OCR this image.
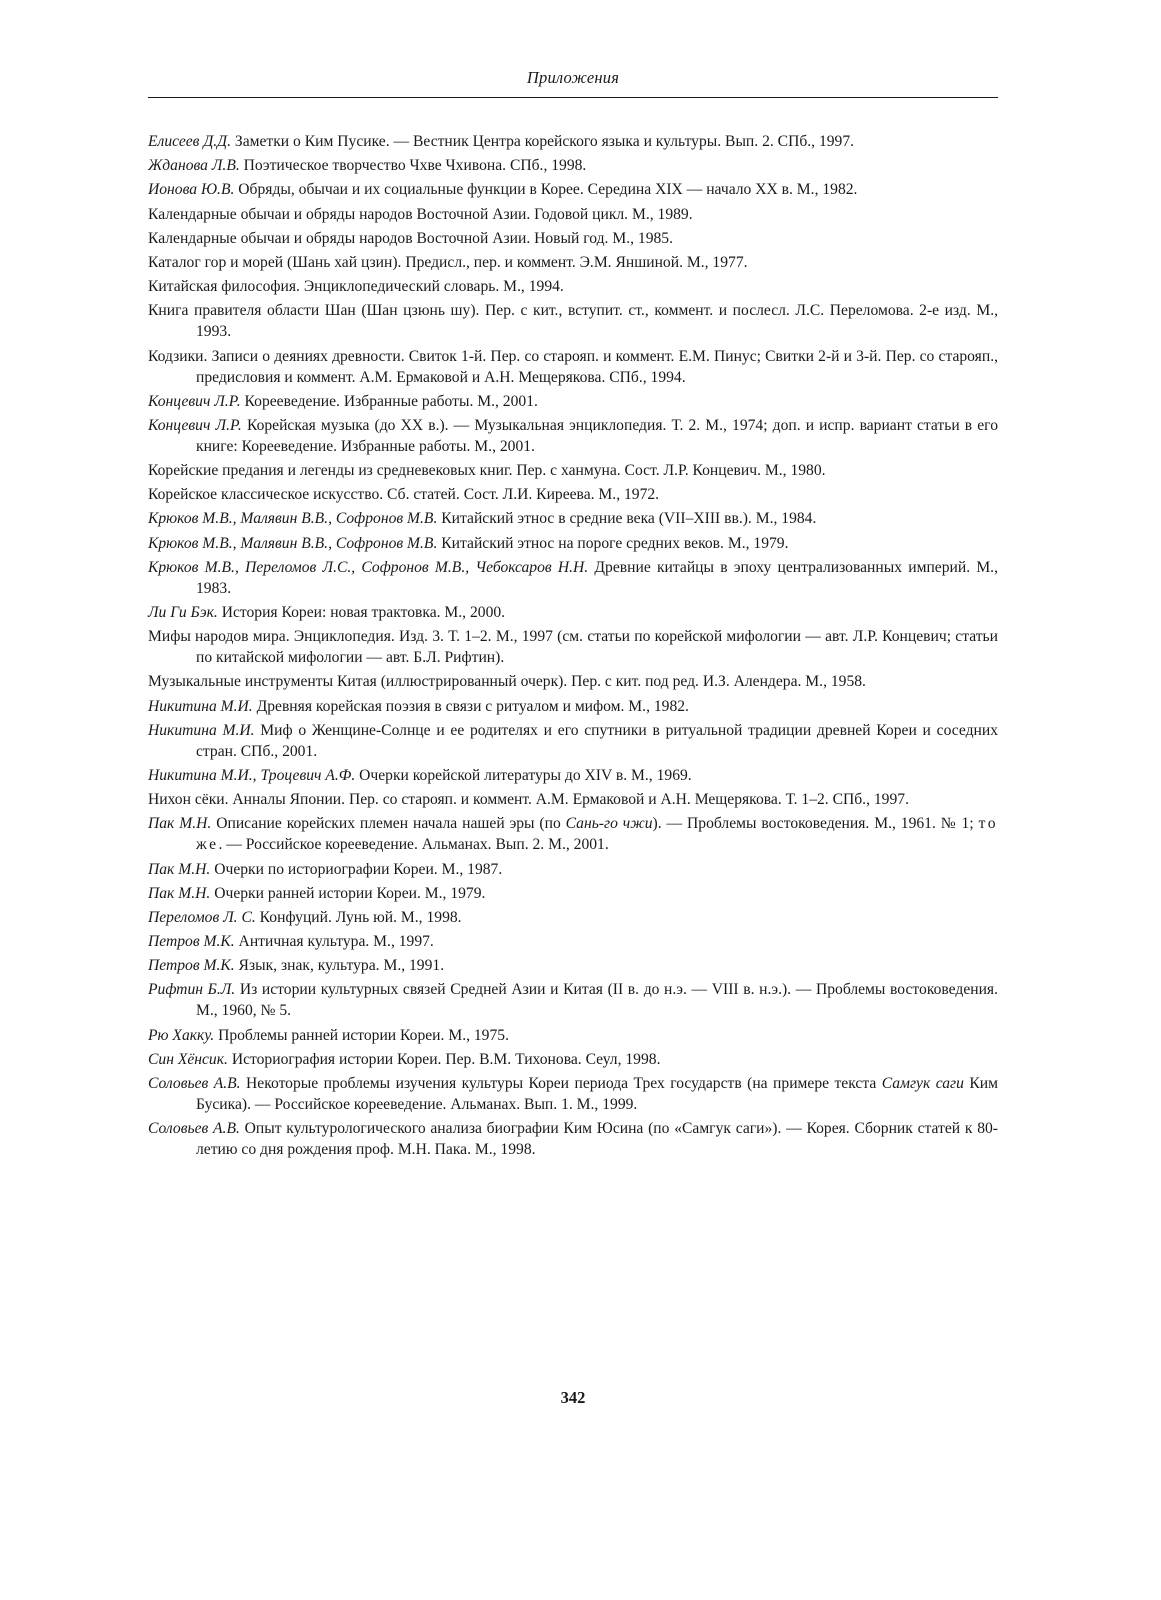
Приложения
Елисеев Д.Д. Заметки о Ким Пусике. — Вестник Центра корейского языка и культуры. Вып. 2. СПб., 1997.
Жданова Л.В. Поэтическое творчество Чхве Чхивона. СПб., 1998.
Ионова Ю.В. Обряды, обычаи и их социальные функции в Корее. Середина XIX — начало XX в. М., 1982.
Календарные обычаи и обряды народов Восточной Азии. Годовой цикл. М., 1989.
Календарные обычаи и обряды народов Восточной Азии. Новый год. М., 1985.
Каталог гор и морей (Шань хай цзин). Предисл., пер. и коммент. Э.М. Яншиной. М., 1977.
Китайская философия. Энциклопедический словарь. М., 1994.
Книга правителя области Шан (Шан цзюнь шу). Пер. с кит., вступит. ст., коммент. и послесл. Л.С. Переломова. 2-е изд. М., 1993.
Кодзики. Записи о деяниях древности. Свиток 1-й. Пер. со старояп. и коммент. Е.М. Пинус; Свитки 2-й и 3-й. Пер. со старояп., предисловия и коммент. А.М. Ермаковой и А.Н. Мещерякова. СПб., 1994.
Концевич Л.Р. Корееведение. Избранные работы. М., 2001.
Концевич Л.Р. Корейская музыка (до XX в.). — Музыкальная энциклопедия. Т. 2. М., 1974; доп. и испр. вариант статьи в его книге: Корееведение. Избранные работы. М., 2001.
Корейские предания и легенды из средневековых книг. Пер. с ханмуна. Сост. Л.Р. Концевич. М., 1980.
Корейское классическое искусство. Сб. статей. Сост. Л.И. Киреева. М., 1972.
Крюков М.В., Малявин В.В., Софронов М.В. Китайский этнос в средние века (VII–XIII вв.). М., 1984.
Крюков М.В., Малявин В.В., Софронов М.В. Китайский этнос на пороге средних веков. М., 1979.
Крюков М.В., Переломов Л.С., Софронов М.В., Чебоксаров Н.Н. Древние китайцы в эпоху централизованных империй. М., 1983.
Ли Ги Бэк. История Кореи: новая трактовка. М., 2000.
Мифы народов мира. Энциклопедия. Изд. 3. Т. 1–2. М., 1997 (см. статьи по корейской мифологии — авт. Л.Р. Концевич; статьи по китайской мифологии — авт. Б.Л. Рифтин).
Музыкальные инструменты Китая (иллюстрированный очерк). Пер. с кит. под ред. И.З. Алендера. М., 1958.
Никитина М.И. Древняя корейская поэзия в связи с ритуалом и мифом. М., 1982.
Никитина М.И. Миф о Женщине-Солнце и ее родителях и его спутники в ритуальной традиции древней Кореи и соседних стран. СПб., 2001.
Никитина М.И., Троцевич А.Ф. Очерки корейской литературы до XIV в. М., 1969.
Нихон сёки. Анналы Японии. Пер. со старояп. и коммент. А.М. Ермаковой и А.Н. Мещерякова. Т. 1–2. СПб., 1997.
Пак М.Н. Описание корейских племен начала нашей эры (по Сань-го чжи). — Проблемы востоковедения. М., 1961. № 1; то же. — Российское корееведение. Альманах. Вып. 2. М., 2001.
Пак М.Н. Очерки по историографии Кореи. М., 1987.
Пак М.Н. Очерки ранней истории Кореи. М., 1979.
Переломов Л. С. Конфуций. Лунь юй. М., 1998.
Петров М.К. Античная культура. М., 1997.
Петров М.К. Язык, знак, культура. М., 1991.
Рифтин Б.Л. Из истории культурных связей Средней Азии и Китая (II в. до н.э. — VIII в. н.э.). — Проблемы востоковедения. М., 1960, № 5.
Рю Хакку. Проблемы ранней истории Кореи. М., 1975.
Син Хёнсик. Историография истории Кореи. Пер. В.М. Тихонова. Сеул, 1998.
Соловьев А.В. Некоторые проблемы изучения культуры Кореи периода Трех государств (на примере текста Самгук саги Ким Бусика). — Российское корееведение. Альманах. Вып. 1. М., 1999.
Соловьев А.В. Опыт культурологического анализа биографии Ким Юсина (по «Самгук саги»). — Корея. Сборник статей к 80-летию со дня рождения проф. М.Н. Пака. М., 1998.
342
